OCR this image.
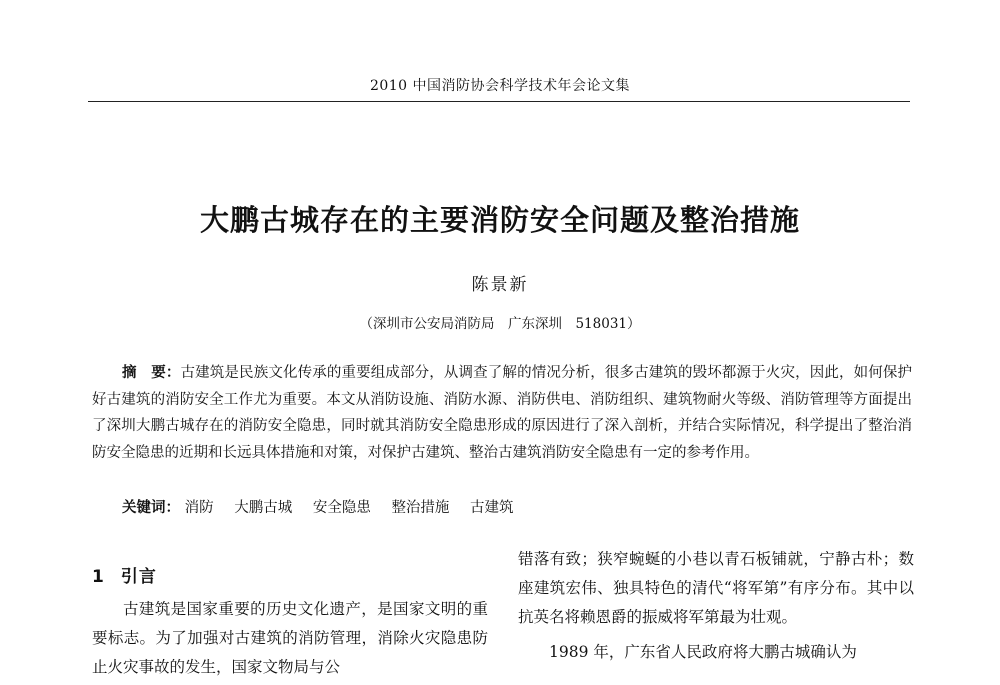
2010 中国消防协会科学技术年会论文集
大鹏古城存在的主要消防安全问题及整治措施
陈景新
（深圳市公安局消防局　广东深圳　518031）
摘　要：古建筑是民族文化传承的重要组成部分，从调查了解的情况分析，很多古建筑的毁坏都源于火灾，因此，如何保护好古建筑的消防安全工作尤为重要。本文从消防设施、消防水源、消防供电、消防组织、建筑物耐火等级、消防管理等方面提出了深圳大鹏古城存在的消防安全隐患，同时就其消防安全隐患形成的原因进行了深入剖析，并结合实际情况，科学提出了整治消防安全隐患的近期和长远具体措施和对策，对保护古建筑、整治古建筑消防安全隐患有一定的参考作用。
关键词： 消防 大鹏古城 安全隐患 整治措施 古建筑
1 引言

古建筑是国家重要的历史文化遗产，是国家文明的重要标志。为了加强对古建筑的消防管理，消除火灾隐患防止火灾事故的发生，国家文物局与公

错落有致；狭窄蜿蜒的小巷以青石板铺就，宁静古朴；数座建筑宏伟、独具特色的清代“将军第”有序分布。其中以抗英名将赖恩爵的振威将军第最为壮观。

1989 年，广东省人民政府将大鹏古城确认为
